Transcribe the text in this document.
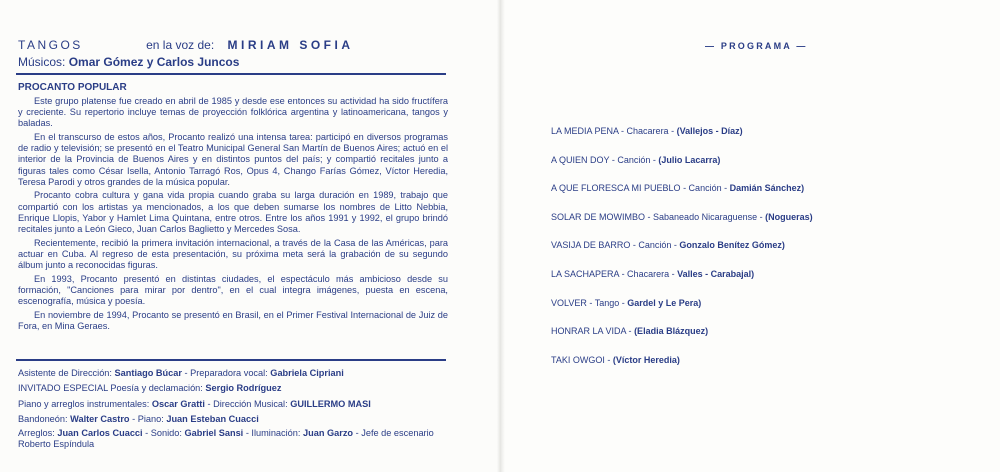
TANGOS	en la voz de: MIRIAM SOFIA
Músicos: Omar Gómez y Carlos Juncos
PROCANTO POPULAR

Este grupo platense fue creado en abril de 1985 y desde ese entonces su actividad ha sido fructífera y creciente. Su repertorio incluye temas de proyección folklórica argentina y latinoamericana, tangos y baladas.

En el transcurso de estos años, Procanto realizó una intensa tarea: participó en diversos programas de radio y televisión; se presentó en el Teatro Municipal General San Martín de Buenos Aires; actuó en el interior de la Provincia de Buenos Aires y en distintos puntos del país; y compartió recitales junto a figuras tales como César Isella, Antonio Tarragó Ros, Opus 4, Chango Farías Gómez, Víctor Heredia, Teresa Parodi y otros grandes de la música popular.

Procanto cobra cultura y gana vida propia cuando graba su larga duración en 1989, trabajo que compartió con los artistas ya mencionados, a los que deben sumarse los nombres de Litto Nebbia, Enrique Llopis, Yabor y Hamlet Lima Quintana, entre otros. Entre los años 1991 y 1992, el grupo brindó recitales junto a León Gieco, Juan Carlos Baglietto y Mercedes Sosa.

Recientemente, recibió la primera invitación internacional, a través de la Casa de las Américas, para actuar en Cuba. Al regreso de esta presentación, su próxima meta será la grabación de su segundo álbum junto a reconocidas figuras.

En 1993, Procanto presentó en distintas ciudades, el espectáculo más ambicioso desde su formación, "Canciones para mirar por dentro", en el cual integra imágenes, puesta en escena, escenografía, música y poesía.

En noviembre de 1994, Procanto se presentó en Brasil, en el Primer Festival Internacional de Juiz de Fora, en Mina Geraes.

Asistente de Dirección: Santiago Búcar - Preparadora vocal: Gabriela Cipriani
INVITADO ESPECIAL Poesía y declamación: Sergio Rodríguez
Piano y arreglos instrumentales: Oscar Gratti - Dirección Musical: GUILLERMO MASI
Bandoneón: Walter Castro - Piano: Juan Esteban Cuacci
Arreglos: Juan Carlos Cuacci - Sonido: Gabriel Sansi - Iluminación: Juan Garzo - Jefe de escenario Roberto Espíndula
— PROGRAMA —
LA MEDIA PENA - Chacarera - (Vallejos - Díaz)
A QUIEN DOY - Canción - (Julio Lacarra)
A QUE FLORESCA MI PUEBLO - Canción - Damián Sánchez)
SOLAR DE MOWIMBO - Sabaneado Nicaraguense - (Nogueras)
VASIJA DE BARRO - Canción - Gonzalo Benítez Gómez)
LA SACHAPERA - Chacarera - Valles - Carabajal)
VOLVER - Tango - Gardel y Le Pera)
HONRAR LA VIDA - (Eladia Blázquez)
TAKI OWGOI - (Víctor Heredia)
